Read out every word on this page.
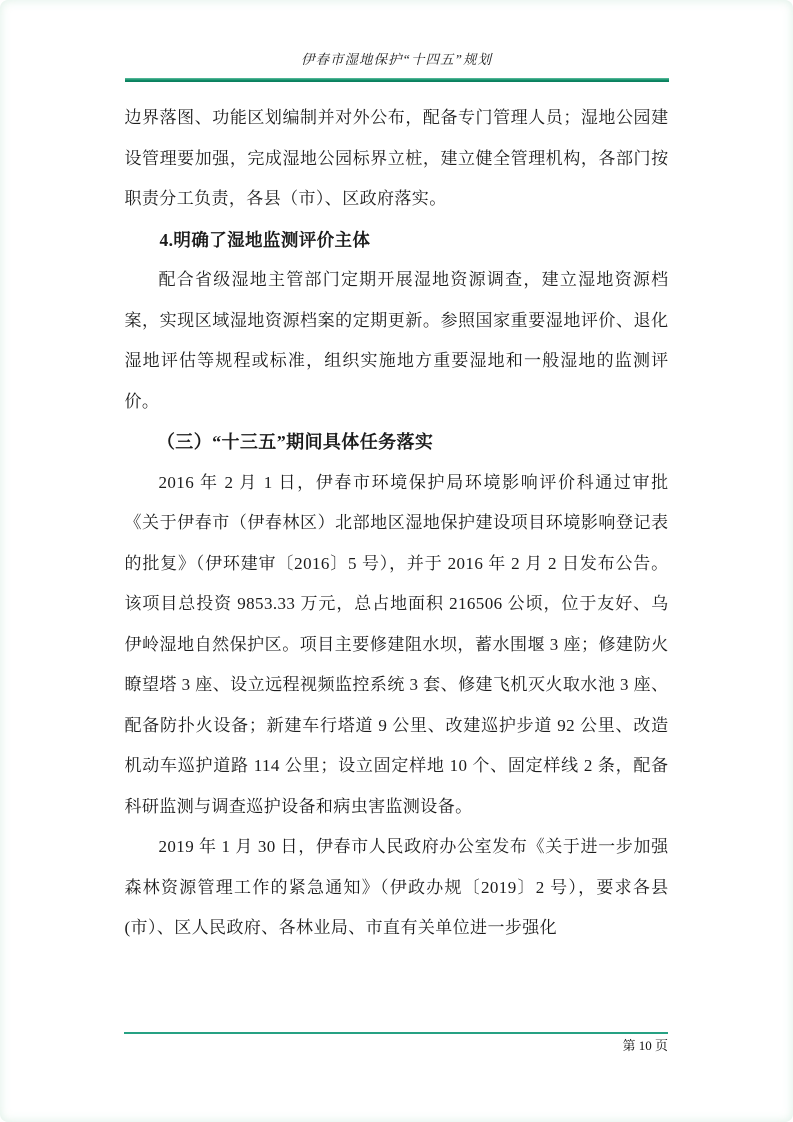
伊春市湿地保护“十四五”规划

边界落图、功能区划编制并对外公布，配备专门管理人员；湿地公园建设管理要加强，完成湿地公园标界立桩，建立健全管理机构，各部门按职责分工负责，各县（市）、区政府落实。

4.明确了湿地监测评价主体

配合省级湿地主管部门定期开展湿地资源调查，建立湿地资源档案，实现区域湿地资源档案的定期更新。参照国家重要湿地评价、退化湿地评估等规程或标准，组织实施地方重要湿地和一般湿地的监测评价。

（三）“十三五”期间具体任务落实

2016 年 2 月 1 日，伊春市环境保护局环境影响评价科通过审批《关于伊春市（伊春林区）北部地区湿地保护建设项目环境影响登记表的批复》（伊环建审〔2016〕5 号），并于 2016 年 2 月 2 日发布公告。该项目总投资 9853.33 万元，总占地面积 216506 公顷，位于友好、乌伊岭湿地自然保护区。项目主要修建阻水坝，蓄水围堰 3 座；修建防火瞭望塔 3 座、设立远程视频监控系统 3 套、修建飞机灭火取水池 3 座、配备防扑火设备；新建车行塔道 9 公里、改建巡护步道 92 公里、改造机动车巡护道路 114 公里；设立固定样地 10 个、固定样线 2 条，配备科研监测与调查巡护设备和病虫害监测设备。

2019 年 1 月 30 日，伊春市人民政府办公室发布《关于进一步加强森林资源管理工作的紧急通知》（伊政办规〔2019〕2 号），要求各县(市）、区人民政府、各林业局、市直有关单位进一步强化

第 10 页
